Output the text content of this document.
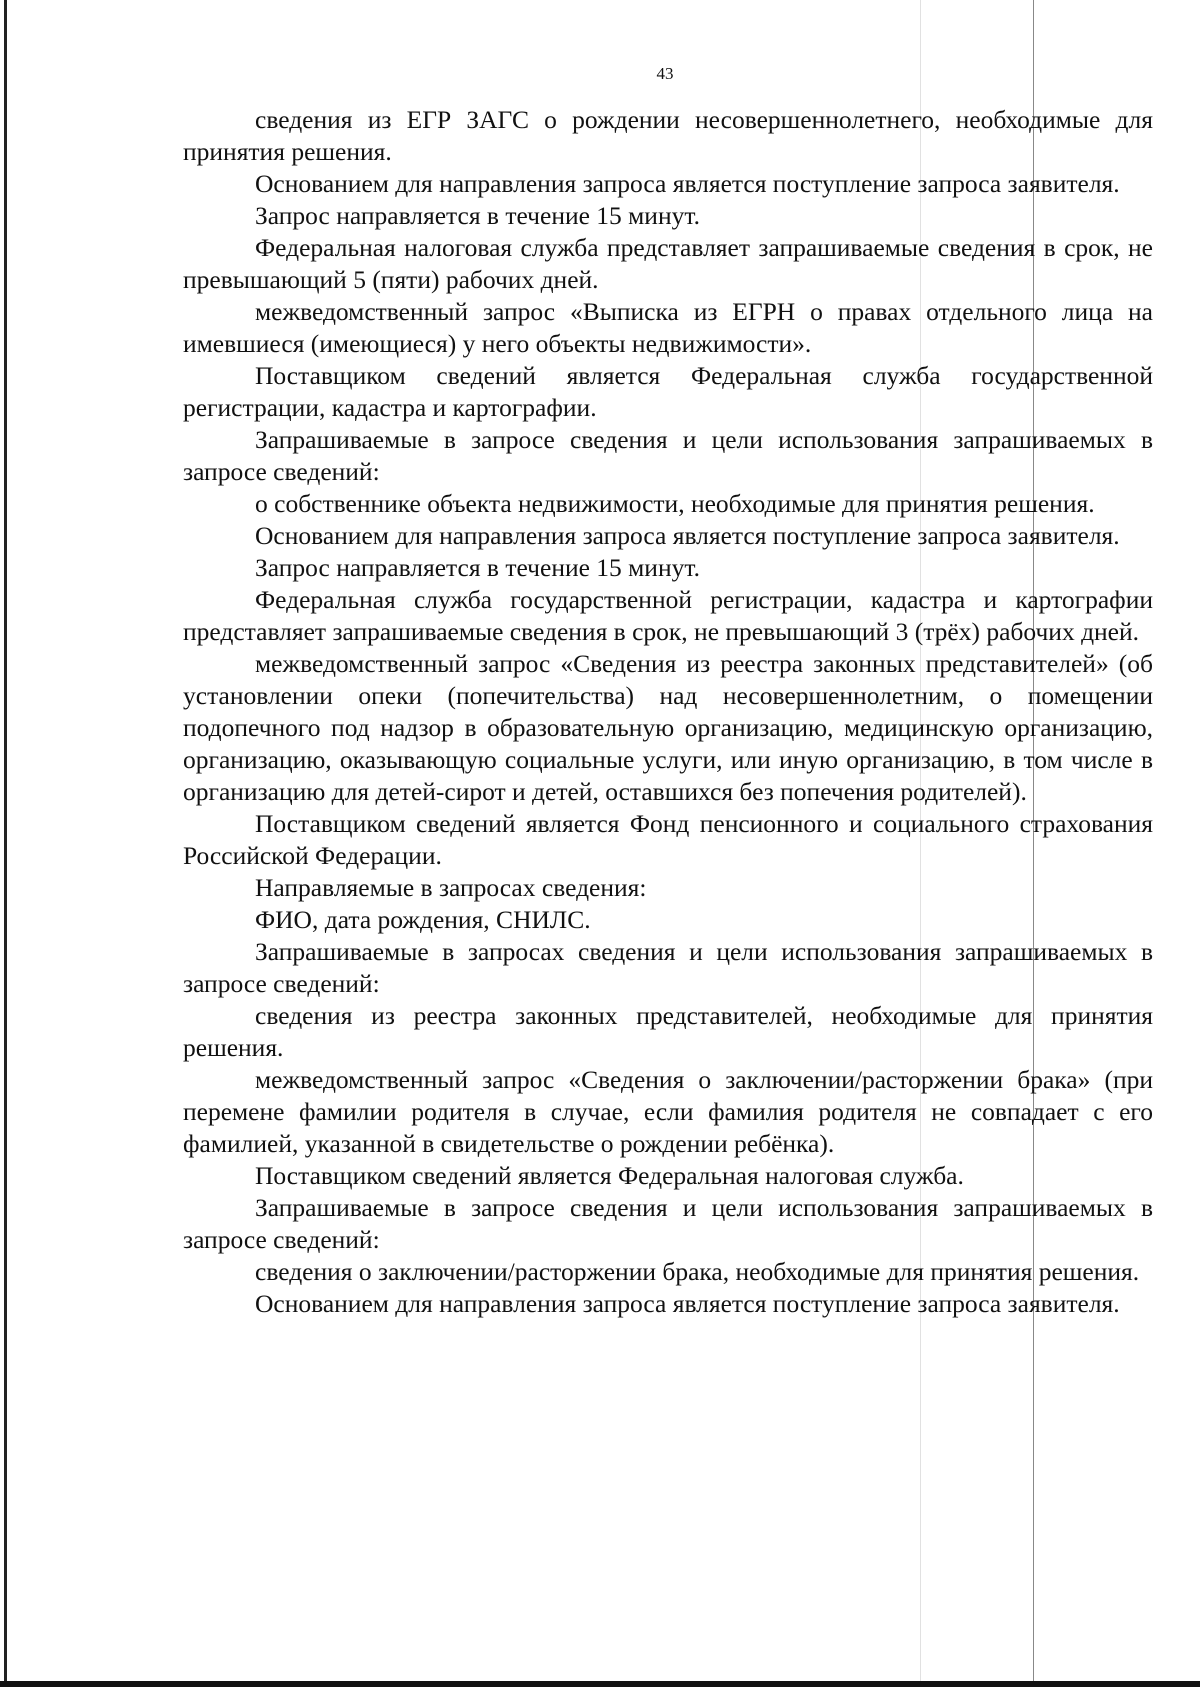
43

сведения из ЕГР ЗАГС о рождении несовершеннолетнего, необходимые для принятия решения.

Основанием для направления запроса является поступление запроса заявителя.

Запрос направляется в течение 15 минут.

Федеральная налоговая служба представляет запрашиваемые сведения в срок, не превышающий 5 (пяти) рабочих дней.

межведомственный запрос «Выписка из ЕГРН о правах отдельного лица на имевшиеся (имеющиеся) у него объекты недвижимости».

Поставщиком сведений является Федеральная служба государственной регистрации, кадастра и картографии.

Запрашиваемые в запросе сведения и цели использования запрашиваемых в запросе сведений:

о собственнике объекта недвижимости, необходимые для принятия решения.

Основанием для направления запроса является поступление запроса заявителя.

Запрос направляется в течение 15 минут.

Федеральная служба государственной регистрации, кадастра и картографии представляет запрашиваемые сведения в срок, не превышающий 3 (трёх) рабочих дней.

межведомственный запрос «Сведения из реестра законных представителей» (об установлении опеки (попечительства) над несовершеннолетним, о помещении подопечного под надзор в образовательную организацию, медицинскую организацию, организацию, оказывающую социальные услуги, или иную организацию, в том числе в организацию для детей-сирот и детей, оставшихся без попечения родителей).

Поставщиком сведений является Фонд пенсионного и социального страхования Российской Федерации.

Направляемые в запросах сведения:

ФИО, дата рождения, СНИЛС.

Запрашиваемые в запросах сведения и цели использования запрашиваемых в запросе сведений:

сведения из реестра законных представителей, необходимые для принятия решения.

межведомственный запрос «Сведения о заключении/расторжении брака» (при перемене фамилии родителя в случае, если фамилия родителя не совпадает с его фамилией, указанной в свидетельстве о рождении ребёнка).

Поставщиком сведений является Федеральная налоговая служба.

Запрашиваемые в запросе сведения и цели использования запрашиваемых в запросе сведений:

сведения о заключении/расторжении брака, необходимые для принятия решения.

Основанием для направления запроса является поступление запроса заявителя.
